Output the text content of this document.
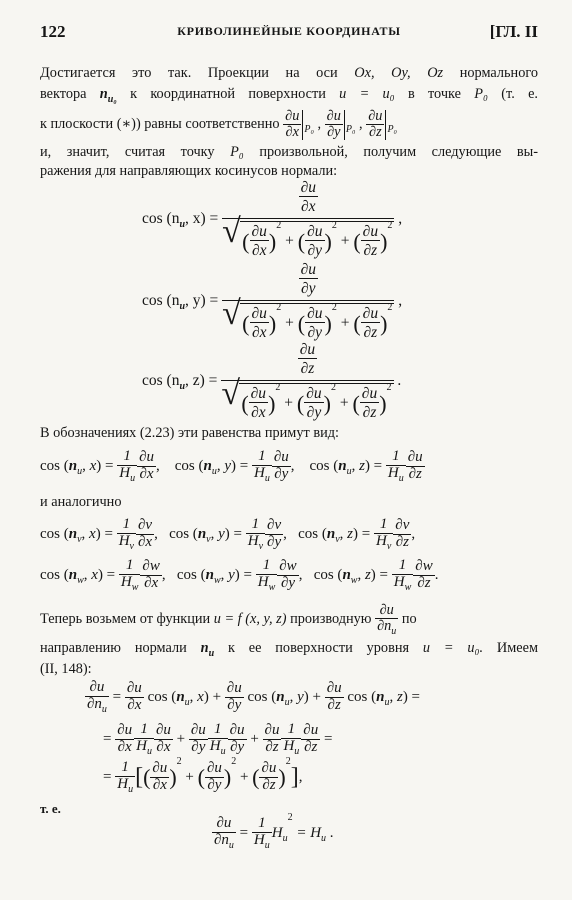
122	КРИВОЛИНЕЙНЫЕ КООРДИНАТЫ	[ГЛ. II
Достигается это так. Проекции на оси Ox, Oy, Oz нормального
вектора $n_{u_0}$ к координатной поверхности u = u₀ в точке P₀ (т. е.
к плоскости (∗)) равны соответственно $\frac{\partial u}{\partial x} _{P_0}$ , $\frac{\partial u}{\partial y} _{P_0}$ , $\frac{\partial u}{\partial z} _{P_0}$
и, значит, считая точку P₀ произвольной, получим следующие вы-
ражения для направляющих косинусов нормали:
$\cos (n_u$, $x) = \frac{\frac{\partial u}{\partial x}}{√ ( \frac{\partial u}{\partial x} )^2 + ( \frac{\partial u}{\partial y} )^2 + ( \frac{\partial u}{\partial z} )^2}$ ,
$\cos (n_u$, $y) = \frac{\frac{\partial u}{\partial y}}{√ ( \frac{\partial u}{\partial x} )^2 + ( \frac{\partial u}{\partial y} )^2 + ( \frac{\partial u}{\partial z} )^2}$ ,
$\cos (n_u$, $z) = \frac{\frac{\partial u}{\partial z}}{√ ( \frac{\partial u}{\partial x} )^2 + ( \frac{\partial u}{\partial y} )^2 + ( \frac{\partial u}{\partial z} )^2}$ .
В обозначениях (2.23) эти равенства примут вид:
$\cos (n_u$, $x) = \frac{1}{H_u} \frac{\partial u}{\partial x}$ ,    $\cos (n_u$, $y) = \frac{1}{H_u} \frac{\partial u}{\partial y}$ ,    $\cos (n_u$, $z) = \frac{1}{H_u} \frac{\partial u}{\partial z}$
и аналогично
$\cos (n_v$, $x) = \frac{1}{H_v} \frac{\partial v}{\partial x}$ ,   $\cos (n_v$, $y) = \frac{1}{H_v} \frac{\partial v}{\partial y}$ ,   $\cos (n_v$, $z) = \frac{1}{H_v} \frac{\partial v}{\partial z}$ ,
$\cos (n_w$, $x) = \frac{1}{H_w} \frac{\partial w}{\partial x}$ ,   $\cos (n_w$, $y) = \frac{1}{H_w} \frac{\partial w}{\partial y}$ ,   $\cos (n_w$, $z) = \frac{1}{H_w} \frac{\partial w}{\partial z}$ .
Теперь возьмем от функции u = f (x, y, z) производную $\frac{\partial u}{\partial n_u}$ по
направлению нормали $n_u$ к ее поверхности уровня u = u₀. Имеем
(II, 148):
$\frac{\partial u}{\partial n_u} = \frac{\partial u}{\partial x}$ $\cos (n_u$, $x) + \frac{\partial u}{\partial y}$ $\cos (n_u$, $y) + \frac{\partial u}{\partial z}$ $\cos (n_u$, z) =
= $\frac{\partial u}{\partial x} \frac{1}{H_u} \frac{\partial u}{\partial x} + \frac{\partial u}{\partial y} \frac{1}{H_u} \frac{\partial u}{\partial y} + \frac{\partial u}{\partial z} \frac{1}{H_u} \frac{\partial u}{\partial z}$ =
= $\frac{1}{H_u}$ [( $\frac{\partial u}{\partial x} )^2$ + ( $\frac{\partial u}{\partial y} )^2$ + ( $\frac{\partial u}{\partial z} )^2$],
т. е.
$\frac{\partial u}{\partial n_u} = \frac{1}{H_u} H_u^2 = H_u$ .
